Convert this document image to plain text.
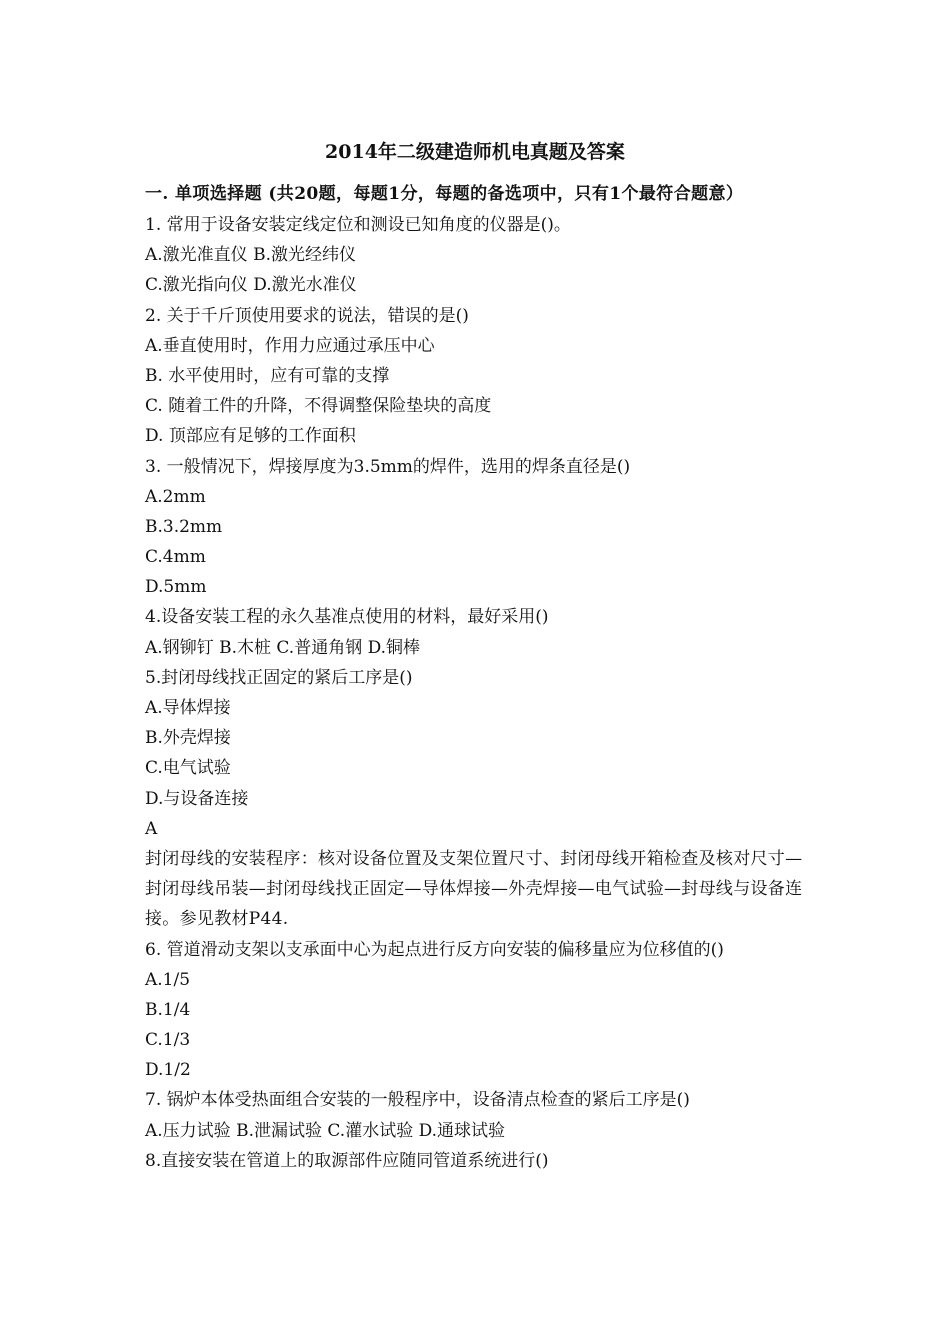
2014年二级建造师机电真题及答案

一. 单项选择题 (共20题，每题1分，每题的备选项中，只有1个最符合题意）

1. 常用于设备安装定线定位和测设已知角度的仪器是()。

A.激光准直仪 B.激光经纬仪

C.激光指向仪 D.激光水准仪

2. 关于千斤顶使用要求的说法，错误的是()

A.垂直使用时，作用力应通过承压中心

B. 水平使用时，应有可靠的支撑

C. 随着工件的升降，不得调整保险垫块的高度

D. 顶部应有足够的工作面积

3. 一般情况下，焊接厚度为3.5mm的焊件，选用的焊条直径是()

A.2mm

B.3.2mm

C.4mm

D.5mm

4.设备安装工程的永久基准点使用的材料，最好采用()

A.钢铆钉 B.木桩 C.普通角钢 D.铜棒

5.封闭母线找正固定的紧后工序是()

A.导体焊接

B.外壳焊接

C.电气试验

D.与设备连接

A

封闭母线的安装程序：核对设备位置及支架位置尺寸、封闭母线开箱检查及核对尺寸—封闭母线吊装—封闭母线找正固定—导体焊接—外壳焊接—电气试验—封母线与设备连接。参见教材P44.

6. 管道滑动支架以支承面中心为起点进行反方向安装的偏移量应为位移值的()

A.1/5

B.1/4

C.1/3

D.1/2

7. 锅炉本体受热面组合安装的一般程序中，设备清点检查的紧后工序是()

A.压力试验 B.泄漏试验 C.灌水试验 D.通球试验

8.直接安装在管道上的取源部件应随同管道系统进行()
